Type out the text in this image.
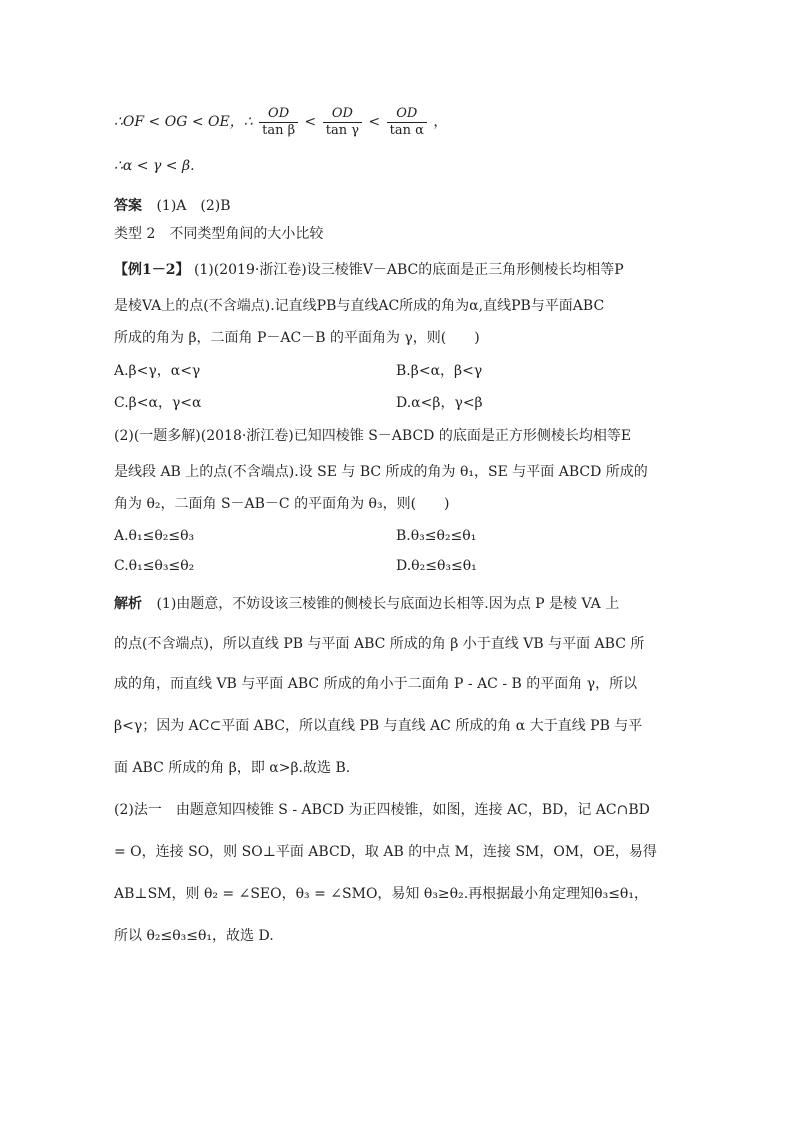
∴OF < OG < OE，∴ $\frac{OD}{\text{tan β}} < \frac{OD}{\text{tan γ}} < \frac{OD}{\text{tan α}}$ ，
∴α < γ < β.
答案 (1)A　(2)B
类型 2　不同类型角间的大小比较
【例1－2】 (1)(2019·浙江卷)设三棱锥V－ABC的底面是正三角形侧棱长均相等P
是棱VA上的点(不含端点).记直线PB与直线AC所成的角为α,直线PB与平面ABC
所成的角为 β，二面角 P－AC－B 的平面角为 γ，则(　　)
A.β<γ，α<γ	B.β<α，β<γ
C.β<α，γ<α	D.α<β，γ<β
(2)(一题多解)(2018·浙江卷)已知四棱锥 S－ABCD 的底面是正方形侧棱长均相等E
是线段 AB 上的点(不含端点).设 SE 与 BC 所成的角为 θ₁，SE 与平面 ABCD 所成的
角为 θ₂，二面角 S－AB－C 的平面角为 θ₃，则(　　)
A.θ₁≤θ₂≤θ₃	B.θ₃≤θ₂≤θ₁
C.θ₁≤θ₃≤θ₂	D.θ₂≤θ₃≤θ₁
解析 (1)由题意，不妨设该三棱锥的侧棱长与底面边长相等.因为点 P 是棱 VA 上
的点(不含端点)，所以直线 PB 与平面 ABC 所成的角 β 小于直线 VB 与平面 ABC 所
成的角，而直线 VB 与平面 ABC 所成的角小于二面角 P - AC - B 的平面角 γ，所以
β<γ；因为 AC⊂平面 ABC，所以直线 PB 与直线 AC 所成的角 α 大于直线 PB 与平
面 ABC 所成的角 β，即 α>β.故选 B.
(2)法一　由题意知四棱锥 S - ABCD 为正四棱锥，如图，连接 AC，BD，记 AC∩BD
= O，连接 SO，则 SO⊥平面 ABCD，取 AB 的中点 M，连接 SM，OM，OE，易得
AB⊥SM，则 θ₂ = ∠SEO，θ₃ = ∠SMO，易知 θ₃≥θ₂.再根据最小角定理知θ₃≤θ₁，
所以 θ₂≤θ₃≤θ₁，故选 D.
